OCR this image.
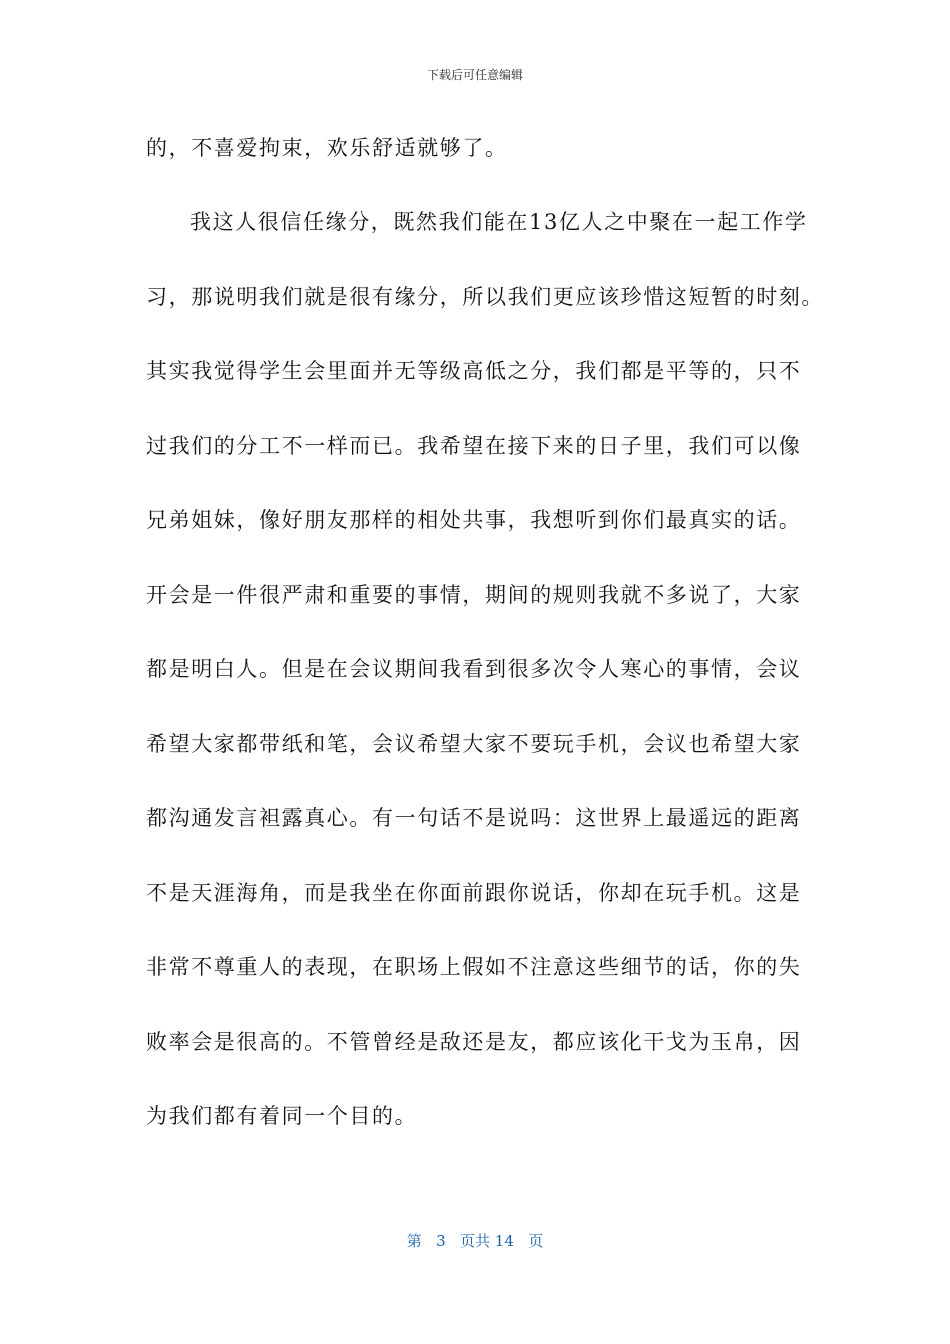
下载后可任意编辑
的，不喜爱拘束，欢乐舒适就够了。
我这人很信任缘分，既然我们能在13亿人之中聚在一起工作学
习，那说明我们就是很有缘分，所以我们更应该珍惜这短暂的时刻。
其实我觉得学生会里面并无等级高低之分，我们都是平等的，只不
过我们的分工不一样而已。我希望在接下来的日子里，我们可以像
兄弟姐妹，像好朋友那样的相处共事，我想听到你们最真实的话。
开会是一件很严肃和重要的事情，期间的规则我就不多说了，大家
都是明白人。但是在会议期间我看到很多次令人寒心的事情，会议
希望大家都带纸和笔，会议希望大家不要玩手机，会议也希望大家
都沟通发言袒露真心。有一句话不是说吗：这世界上最遥远的距离
不是天涯海角，而是我坐在你面前跟你说话，你却在玩手机。这是
非常不尊重人的表现，在职场上假如不注意这些细节的话，你的失
败率会是很高的。不管曾经是敌还是友，都应该化干戈为玉帛，因
为我们都有着同一个目的。
第 3 页共 14 页
